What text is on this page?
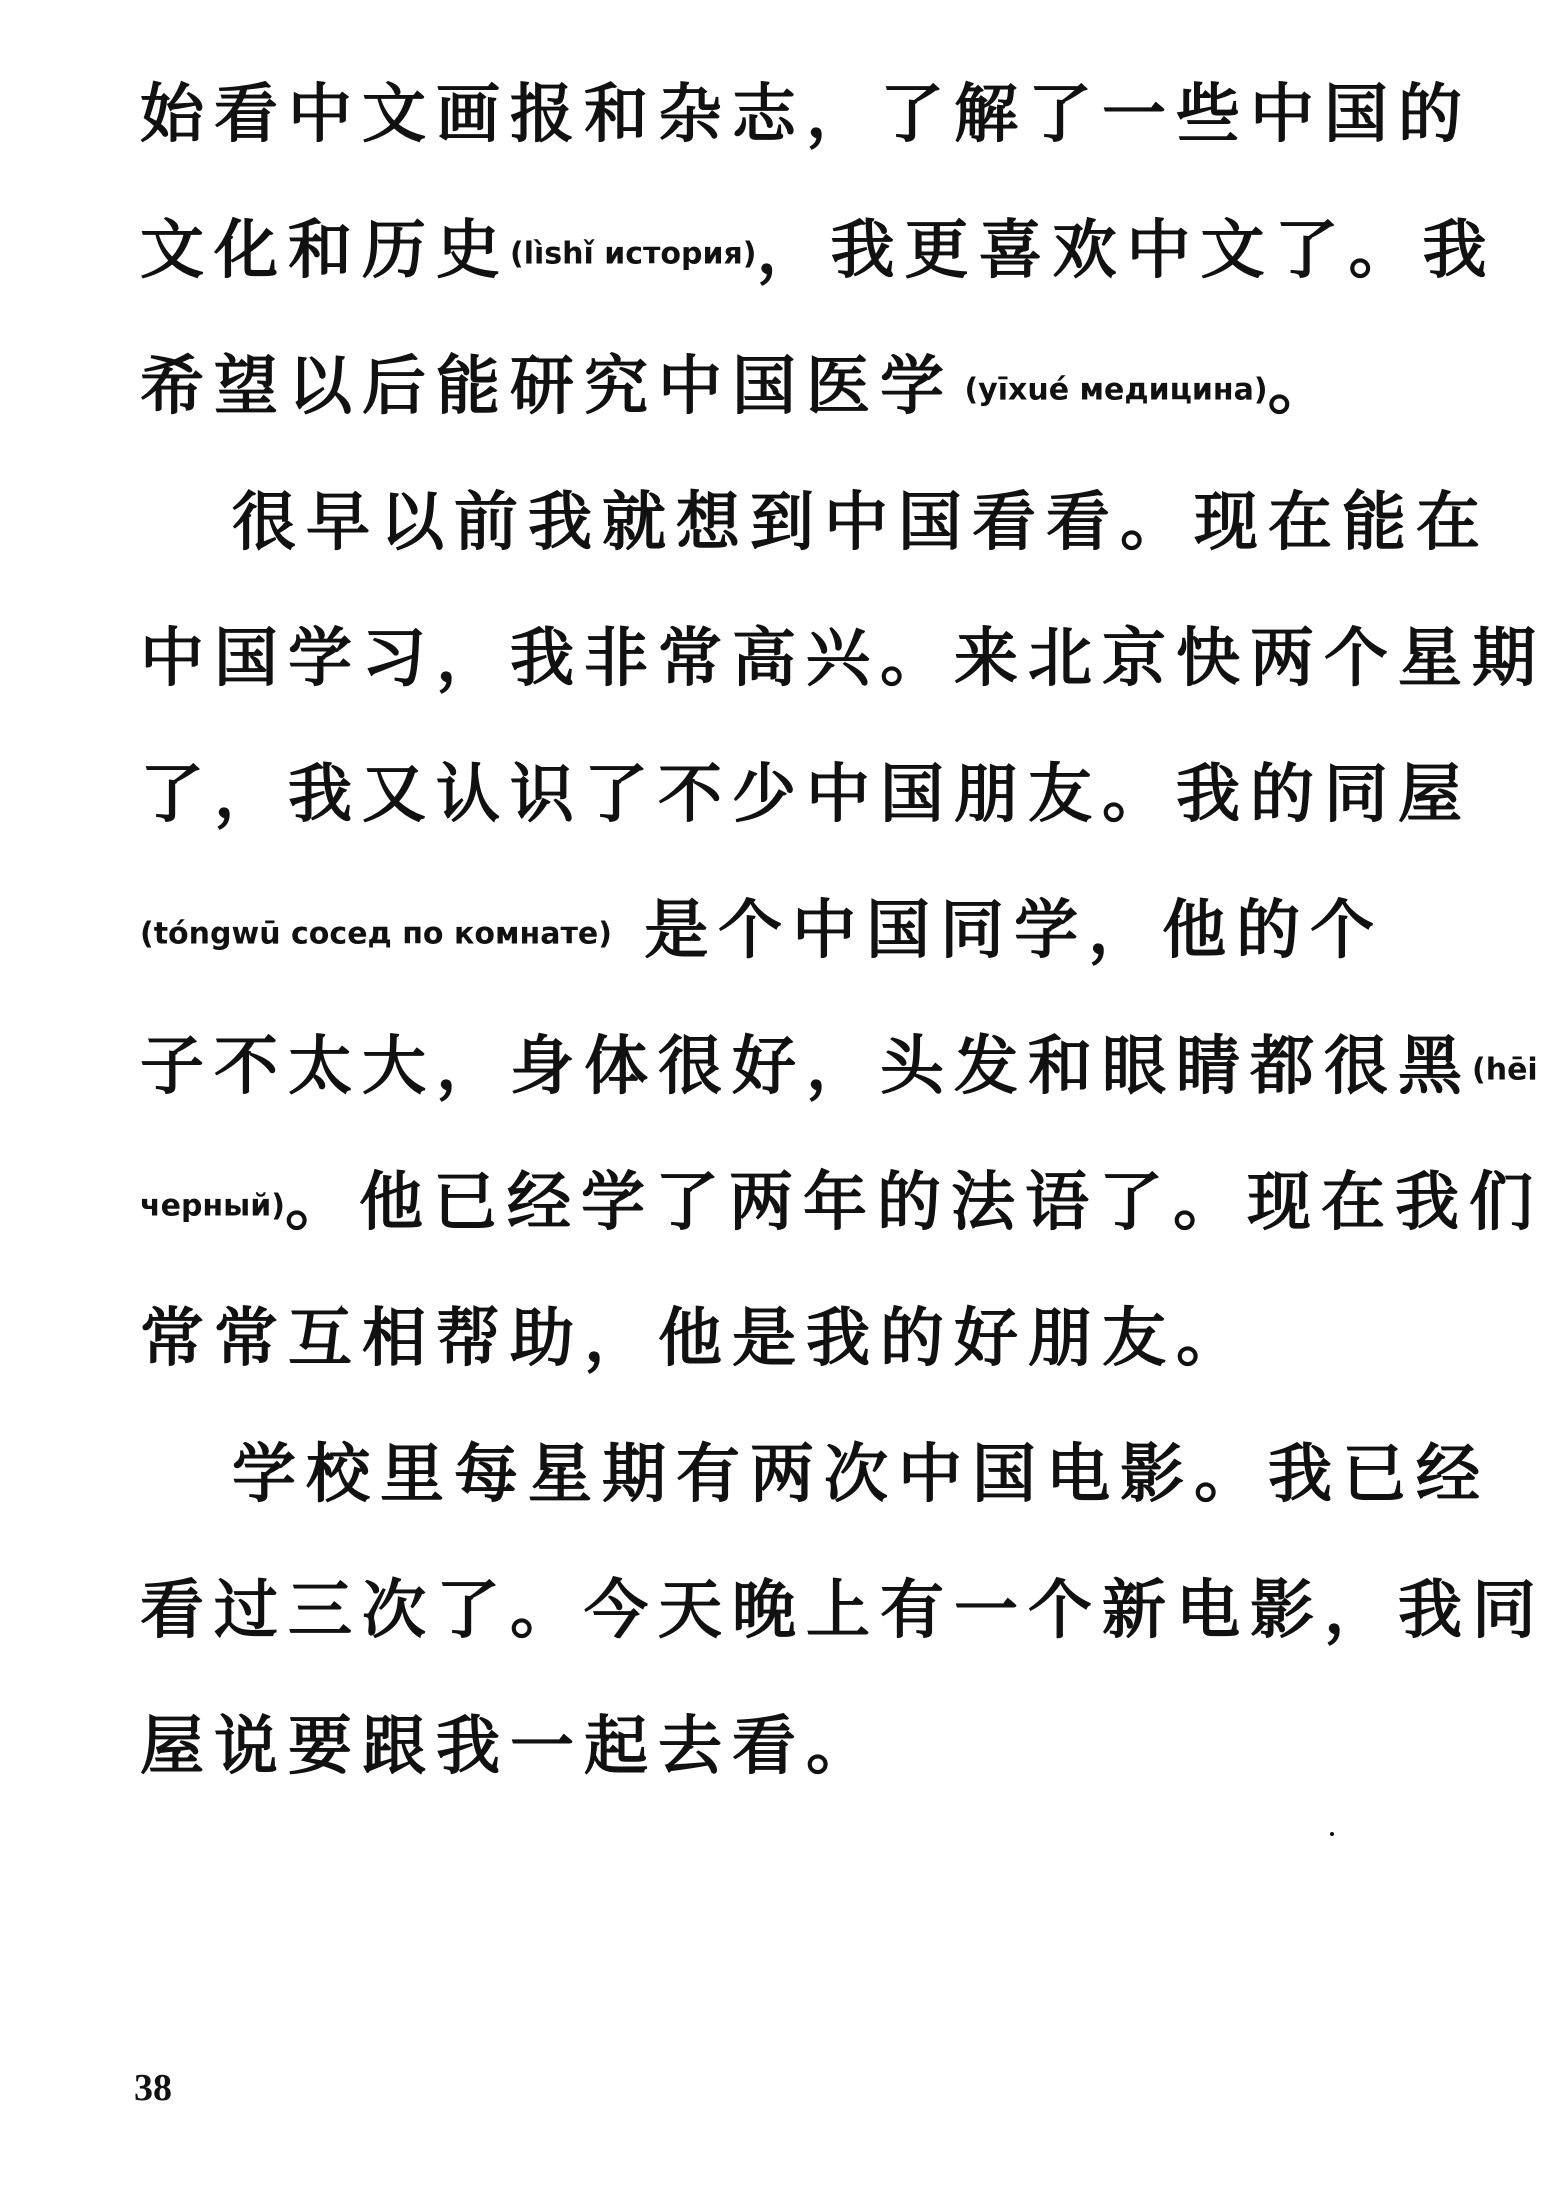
始看中文画报和杂志，了解了一些中国的
文化和历史(lìshǐ история)，我更喜欢中文了。我
希望以后能研究中国医学 (yīxué медицина)。
很早以前我就想到中国看看。现在能在
中国学习，我非常高兴。来北京快两个星期
了，我又认识了不少中国朋友。我的同屋
(tóngwū сосед по комнате) 是个中国同学，他的个
子不太大，身体很好，头发和眼睛都很黑(hēi
черный)。他已经学了两年的法语了。现在我们
常常互相帮助，他是我的好朋友。
学校里每星期有两次中国电影。我已经
看过三次了。今天晚上有一个新电影，我同
屋说要跟我一起去看。
38
